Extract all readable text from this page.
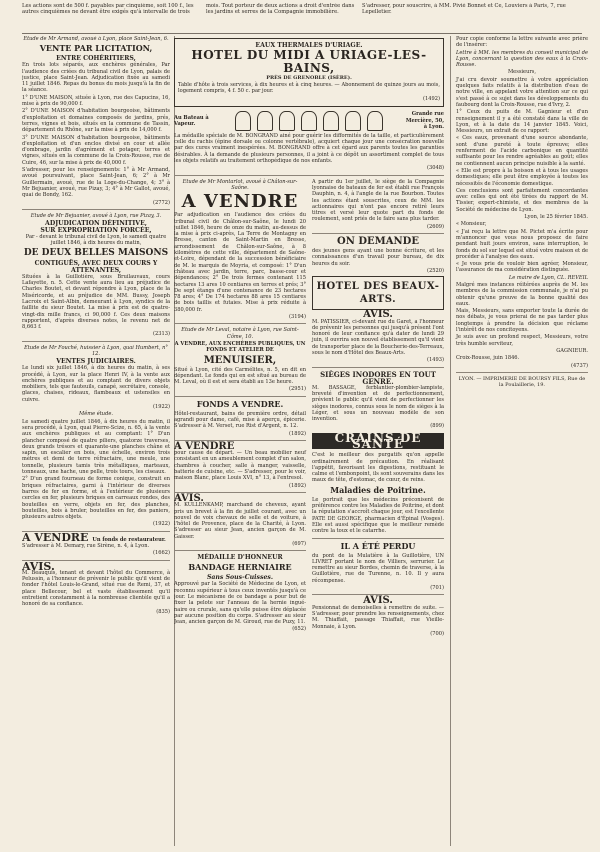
Les actions sont de 500 f. payables par cinquième, soit 100 f., les autres cinquièmes ne devant être exigés qu'à intervalle de trois
mois. Tout porteur de deux actions a droit d'entrée dans les jardins et serres de la Compagnie immobilière.
S'adresser, pour souscrire, à MM. Pivié Bonnet et Ce, Louviers à Paris, 7, rue Lepelletier.

Etude de Mr Armand, avoué à Lyon, place Saint-Jean, 6.

VENTE PAR LICITATION,
ENTRE COHÉRITIERS,

En trois lots séparés, aux enchères générales, Par l'audience des criées du tribunal civil de Lyon, palais de justice, place Saint-Jean. Adjudication fixée au samedi 11 juillet 1846. Repas du bonus du mois jusqu'à la fin de la séance.

1° D'UNE MAISON, située à Lyon, rue des Capucins, 16, mise à prix de 90,000 f.

2° D'UNE MAISON d'habitation bourgeoise, bâtiments d'exploitation et domaines composés de jardins, prés, terres, vignes et bois, situés en la commune de Tassin, département du Rhône, sur la mise à prix de 14,000 f.

3° D'UNE MAISON d'habitation bourgeoise, bâtiments d'exploitation et d'un enclos divisé en cour et allée d'ombrage, jardin d'agrément et potager, terres et vignes, situés en la commune de la Croix-Rousse, rue de Cuire, 46, sur la mise à prix de 40,000 f.

S'adresser, pour les renseignements: 1° à Mr Armand, avoué poursuivant, place Saint-Jean, 6; 2° à Mr Guillermain, avoué, rue de la Loge-du-Change, 4; 3° à Mr Bejuanier, avoué, rue Pizay, 3; 4° à Mr Gallot, avoué, quai de Bondy, 162.

(2772)

Etude de Mr Bejuanier, avoué à Lyon, rue Pizay, 3.

ADJUDICATION DÉFINITIVE,
SUR EXPROPRIATION FORCÉE,

Par - devant le tribunal civil de Lyon, le samedi quatre juillet 1846, à dix heures du matin,

DE DEUX BELLES MAISONS
CONTIGUËS, AVEC DEUX COURS Y ATTENANTES,

Situées à la Guillotière, sous Bruilauvaux, cours Lafayette, n. 5. Cette vente aura lieu au préjudice de Charles Boutet, et devant répondre à Lyon, place de la Miséricorde, et au préjudice de MM. Bussy, Joseph Lacroix et Saint-Albin, demeurant à Lyon, syndics de la faillite du sieur Boutet. La mise à prix est de quatre-vingt-dix mille francs, ci 90,000 f. Ces deux maisons rapportent, d'après diverses notes, le revenu net de 8,663 f.

(2313)

Etude de Mr Fouché, huissier à Lyon, quai Humbert, n° 12.

VENTES JUDICIAIRES.

Le lundi six juillet 1846, à dix heures du matin, à ses procédé, à Lyon, sur la place Henri IV, à la vente aux enchères publiques et au comptant de divers objets mobiliers, tels que fauteuils, canapé, secrétaire, console, glaces, chaises, rideaux, flambeaux et ustensiles en cuivre.

(1922)

Même étude.

Le samedi quatre juillet 1846, à dix heures du matin, il sera procédé, à Lyon, quai Pierre-Scize, n. 65, à la vente aux enchères publiques et au comptant: 1° D'un plancher composé de quatre piliers, quatorze traverses, deux grands trésors et quarante-une planches châne et sapin, un escalier en bois, une échelle, environ trois mètres et demi de terre réfractaire, une meule, une tonnelle, plusieurs tamis très métalliques, marteaux, tonneaux, une hache, une pelle, trois tours, les ciseaux.

2° D'un grand fourneau de forme conique, construit en briques réfractaires, garni à l'intérieur de diverses barres de fer en forme, et à l'extérieur de plusieurs cercles en fer, plusieurs briques en carreaux rondes, des bouteilles en verre, objets en fer, des planches, bouteilles, bois à bruler, bouteilles en fer, des paniers, plusieurs autres objets.

(1922)

A VENDRE Un fonds de restaurateur.

S'adresser à M. Demary, rue Sirène, n. 4, à Lyon.

(1662)

AVIS.

M. Beauquis, tenant et devant l'hôtel du Commerce, à Pelussin, a l'honneur de prévenir le public qu'il vient de fonder l'hôtel Louis-le-Grand, situé rue de Remi, 37, et place Bellecour, bel et vaste établissement qu'il entretient constamment à la nombreuse clientèle qu'il a honoré de sa confiance.

(835)

EAUX THERMALES D'URIAGE.
HOTEL DU MIDI A URIAGE-LES-BAINS,
PRÈS DE GRENOBLE (ISÈRE).

Table d'hôte à trois services, à dix heures et à cinq heures. — Abonnement de quinze jours au mois, logement compris, 4 f. 50 c. par jour.

(1492)

Au Bateau à Vapeur.
Grande rue Mercière, 50, à Lyon.

La médaille spéciale de M. BONGRAND ainé pour guérir les difformités de la taille, et particulièrement celle du rachis (épine dorsale ou colonne vertébrale), acquiert chaque jour une consécration nouvelle par des cures vraiment inespérées. M. BONGRAND offre à cet égard aux parents toutes les garanties désirables. À la demande de plusieurs personnes, il a joint à ce dépôt un assortiment complet de tous les objets relatifs au traitement orthopédique de nos enfants.

(3048)

Etude de Mr Montarlot, avoué à Châlon-sur-Saône.

A VENDRE

Par adjudication en l'audience des criées du tribunal civil de Châlon-sur-Saône, le lundi 20 juillet 1846, heure de onze du matin, au-dessus de la mise à prix ci-après, La Terre de Montagny en Bresse, canton de Saint-Martin en Bresse, arrondissement de Châlon-sur-Saône, à 8 kilomètres de cette ville, département de Saône-et-Loire, dépendant de la succession bénéficiaire de M. le marquis de Moyria, et composé: 1° D'un château avec jardin, terre, parc, basse-cour et dépendances; 2° De trois fermes contenant 115 hectares 13 ares 10 centiares en terres et prés; 3° De sept étangs d'une contenance de 23 hectares 78 ares; 4° De 174 hectares 88 ares 15 centiares de bois taillis et futaies. Mise à prix réduite à 380,000 fr.

(3194)

Etude de Mr Leval, notaire à Lyon, rue Saint-Côme, 10.

A VENDRE, AUX ENCHÈRES PUBLIQUES, UN FONDS ET ATELIER DE

MENUISIER,

Situé à Lyon, cité des Carmélites, n. 5, en dit en dépendant. Le fonds qui en est situé au bureau de M. Leval, où il est et sera établi au 13e heure.

(2951)

FONDS A VENDRE.

Hôtel-restaurant, bains de première ordre, détail agrandi pour dame, café, mise à aperçu, épicerie. S'adresser à M. Verset, rue Rist d'Argent, n. 12.

(1892)

A VENDRE

pour cause de départ. — Un beau mobilier neuf consistant en un ameublement complet d'un salon, chambres à coucher, salle à manger, vaisselle, batterie de cuisine, etc. — S'adresser, pour le voir, maison Blanc, place Louis XVI, n° 13, à l'entresol.

(1892)

AVIS.

M. KULLENKAMP, marchand de cheveux, ayant pris un brevet à la fin de juillet courant, avec un nouvel de voix chevaux de selle et de voiture, à l'hôtel de Provence, place de la Charité, à Lyon. S'adresser au sieur Jean, ancien garçon de M. Gaisser.

(697)

MÉDAILLE D'HONNEUR
BANDAGE HERNIAIRE
Sans Sous-Cuisses.

Approuvé par la Société de Médecine de Lyon, et reconnu supérieur à tous ceux inventés jusqu'à ce jour. Le mécanisme de ce bandage a pour but de fixer la pelote sur l'anneau de la hernie ingué-naire ou crurale, sans qu'elle puisse être déplacée par aucune position du corps. S'adresser au sieur Jean, ancien garçon de M. Giroud, rue de Puzy, 11.

(652)

A partir du 1er juillet, le siège de la Compagnie lyonnaise de bateaux de fer est établi rue François Dauphin, n. 4, à l'angle de la rue Bourbon. Toutes les actions étant souscrites, ceux de MM. les actionnaires qui n'ont pas encore retiré leurs titres et versé leur quote part du fonds de roulement, sont priés de le faire sans plus tarder.

(2609)

ON DEMANDE

des jeunes gens ayant une bonne écriture, et les connaissances d'un travail pour bureau, de dix heures du soir.

(2520)

HOTEL DES BEAUX-ARTS.
AVIS.

M. PATISSIER, ci-devant rue du Garet, a l'honneur de prévenir les personnes qui jusqu'à présent l'ont honoré de leur confiance qu'à dater de lundi 29 juin, il ouvrira son nouvel établissement qu'il vient de transporter place de la Boucherie-des-Terreaux, sous le nom d'Hôtel des Beaux-Arts.

(1493)

SIÈGES INODORES EN TOUT GENRE.

M. BASSAGE, ferblantier-plombier-lampiste, breveté d'invention et de perfectionnement, prévient le public qu'il vient de perfectionner les sièges inodores, connus sous le nom de sièges à la Léger, et sous un nouveau modèle de son invention.

(899)

CRAINS DE SANTÉ

C'est le meilleur des purgatifs qu'on appelle ordinairement de précaution. En réalisant l'appétit, favorisant les digestions, restituant le calme et l'embonpoint, ils sont souverains dans les maux de tête, d'estomac, de cœur, de reins.

Maladies de Poitrine.

Le portrait que les médecins préconisent de préférence contre les Maladies de Poitrine, et dont la réputation s'accroît chaque jour, est l'excellente PATE DE GEORGE, pharmacien d'Épinal (Vosges). Elle est aussi spécifique que le meilleur remède contre la toux et le catarrhe.

IL A ÉTÉ PERDU

du pont de la Mulatière à la Guillotière, UN LIVRET portant le nom de Villiers, serrurier. Le remettre au sieur Bordes, chemin de traverse, à la Guillotière, rue de Turenne, n. 10. Il y aura récompense.

(701)

AVIS.

Pensionnat de demoiselles à remettre de suite. — S'adresser, pour prendre les renseignements, chez M. Thiaffait, passage Thiaffait, rue Vieille-Monnaie, à Lyon.

(700)

Pour copie conforme la lettre suivante avec prière de l'insérer:

Lettre à MM. les membres du conseil municipal de Lyon, concernant la question des eaux à la Croix-Rousse.

Messieurs,

J'ai cru devoir soumettre à votre appréciation quelques faits relatifs à la distribution d'eau de notre ville, en appelant votre attention sur ce qui s'est passé à ce sujet dans les développements du faubourg dont la Croix-Rousse, rue d'Ivry, 2.

1° Ceux du puits de M. Gagnieur et d'un renseignement il y a été constaté dans la ville de Lyon, et à la date du 14 janvier 1845. Voici, Messieurs, un extrait de ce rapport:

« Ces eaux, provenant d'une source abondante, sont d'une pureté à toute épreuve; elles renferment de l'acide carbonique en quantité suffisante pour les rendre agréables au goût; elles ne contiennent aucun principe nuisible à la santé.

« Elle est propre à la boisson et à tous les usages domestiques; elle peut être employée à toutes les nécessités de l'économie domestique.

Ces conclusions sont parfaitement concordantes avec celles qui ont été tirées du rapport de M. Tissier, expert-chimiste, et des membres de la Société de médecine de Lyon.

Lyon, le 25 février 1845.

« Monsieur,

« J'ai reçu la lettre que M. Pictet m'a écrite pour m'annoncer que vous nous proposez de faire pendant huit jours environ, sans interruption, le fonds du sol sur lequel est situé votre maison et de procéder à l'analyse des eaux.

« Je vous prie de vouloir bien agréer, Monsieur, l'assurance de ma considération distinguée.

Le maire de Lyon, CL. REVEIL

Malgré mes instances réitérées auprès de M. les membres de la commission communale, je n'ai pu obtenir qu'une preuve de la bonne qualité des eaux.

Mais, Messieurs, sans emporter toute la durée de nos débats, je vous prierai de ne pas tarder plus longtemps à prendre la décision que réclame l'intérêt de nos concitoyens.

Je suis avec un profond respect, Messieurs, votre très humble serviteur,

GAGNIEUR.

Croix-Rousse, juin 1846.

(4737)

LYON. — IMPRIMERIE DE BOURSY FILS, Rue de la Poulaillerie, 19.
